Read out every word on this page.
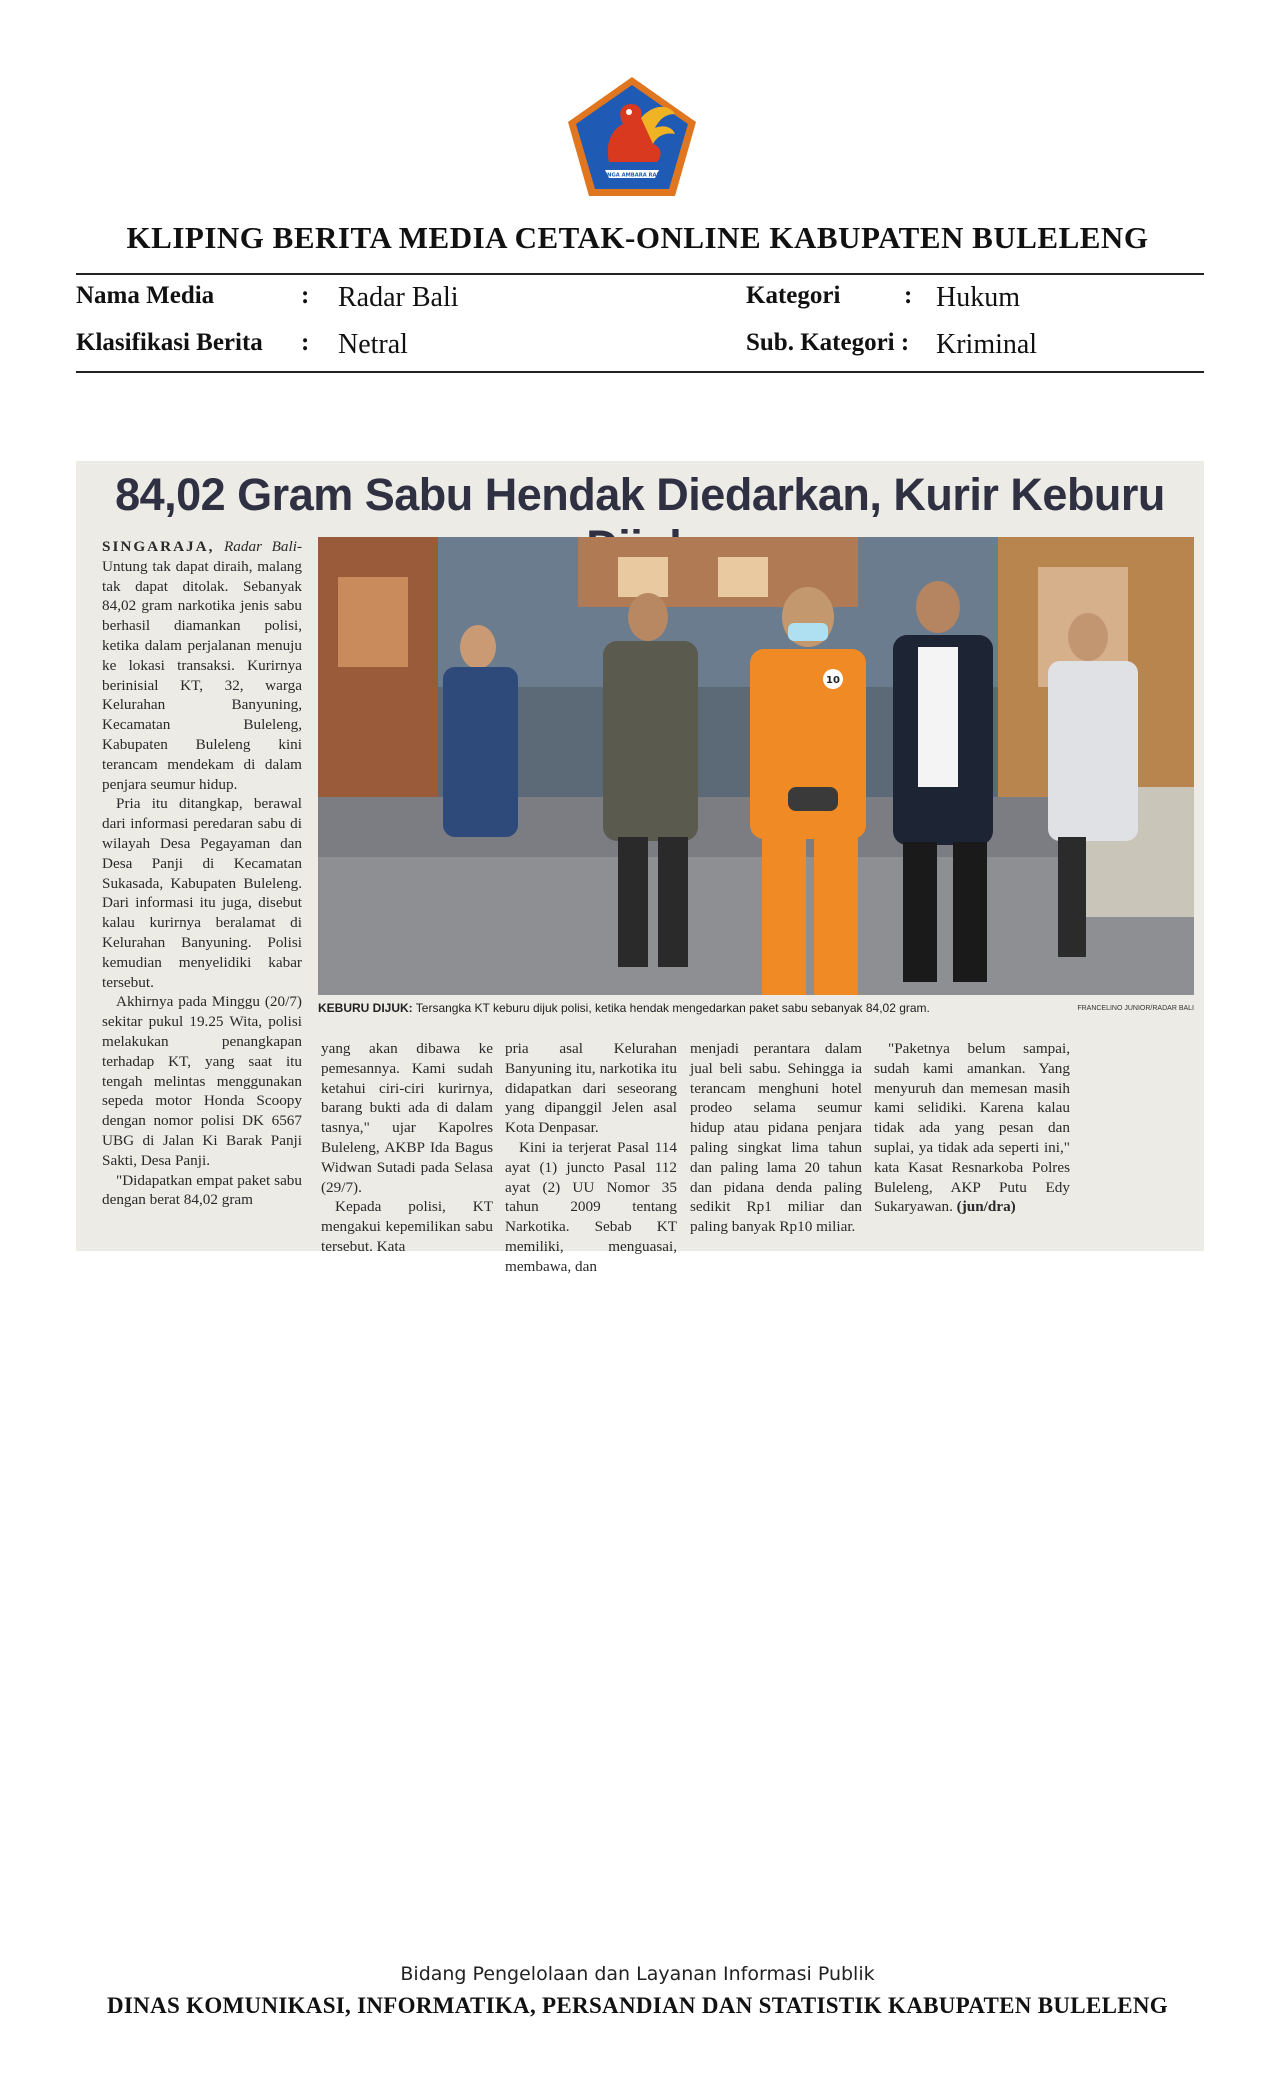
SINGA AMBARA RAJA
KLIPING BERITA MEDIA CETAK-ONLINE KABUPATEN BULELENG
Nama Media	: Radar Bali	Kategori	: Hukum
Klasifikasi Berita : Netral	Sub. Kategori : Kriminal
84,02 Gram Sabu Hendak Diedarkan, Kurir Keburu

SINGARAJA, Radar Bali- Untung tak dapat diraih, malang tak dapat ditolak. Sebanyak 84,02 gram narkotika jenis sabu berhasil diamankan polisi, ketika dalam perjalanan menuju ke lokasi transaksi. Kurirnya berinisial KT, 32, warga Kelurahan Banyuning, Kecamatan Buleleng, Kabupaten Buleleng kini terancam mendekam di dalam penjara seumur hidup.

Pria itu ditangkap, berawal dari informasi peredaran sabu di wilayah Desa Pegayaman dan Desa Panji di Kecamatan Sukasada, Kabupaten Buleleng. Dari informasi itu juga, disebut kalau kurirnya beralamat di Kelurahan Banyuning. Polisi kemudian menyelidiki kabar tersebut.

Akhirnya pada Minggu (20/7) sekitar pukul 19.25 Wita, polisi melakukan penangkapan terhadap KT, yang saat itu tengah melintas menggunakan sepeda motor Honda Scoopy dengan nomor polisi DK 6567 UBG di Jalan Ki Barak Panji Sakti, Desa Panji.

"Didapatkan empat paket sabu dengan berat 84,02 gram

10
KEBURU DIJUK: Tersangka KT keburu dijuk polisi, ketika hendak mengedarkan paket sabu sebanyak 84,02 gram.	FRANCELINO JUNIOR/RADAR BALI

yang akan dibawa ke pemesannya. Kami sudah ketahui ciri-ciri kurirnya, barang bukti ada di dalam tasnya," ujar Kapolres Buleleng, AKBP Ida Bagus Widwan Sutadi pada Selasa (29/7).

Kepada polisi, KT mengakui kepemilikan sabu tersebut. Kata

pria asal Kelurahan Banyuning itu, narkotika itu didapatkan dari seseorang yang dipanggil Jelen asal Kota Denpasar.

Kini ia terjerat Pasal 114 ayat (1) juncto Pasal 112 ayat (2) UU Nomor 35 tahun 2009 tentang Narkotika. Sebab KT memiliki, menguasai, membawa, dan

menjadi perantara dalam jual beli sabu. Sehingga ia terancam menghuni hotel prodeo selama seumur hidup atau pidana penjara paling singkat lima tahun dan paling lama 20 tahun dan pidana denda paling sedikit Rp1 miliar dan paling banyak Rp10 miliar.

"Paketnya belum sampai, sudah kami amankan. Yang menyuruh dan memesan masih kami selidiki. Karena kalau tidak ada yang pesan dan suplai, ya tidak ada seperti ini," kata Kasat Resnarkoba Polres Buleleng, AKP Putu Edy Sukaryawan. (jun/dra)

Bidang Pengelolaan dan Layanan Informasi Publik
DINAS KOMUNIKASI, INFORMATIKA, PERSANDIAN DAN STATISTIK KABUPATEN BULELENG
